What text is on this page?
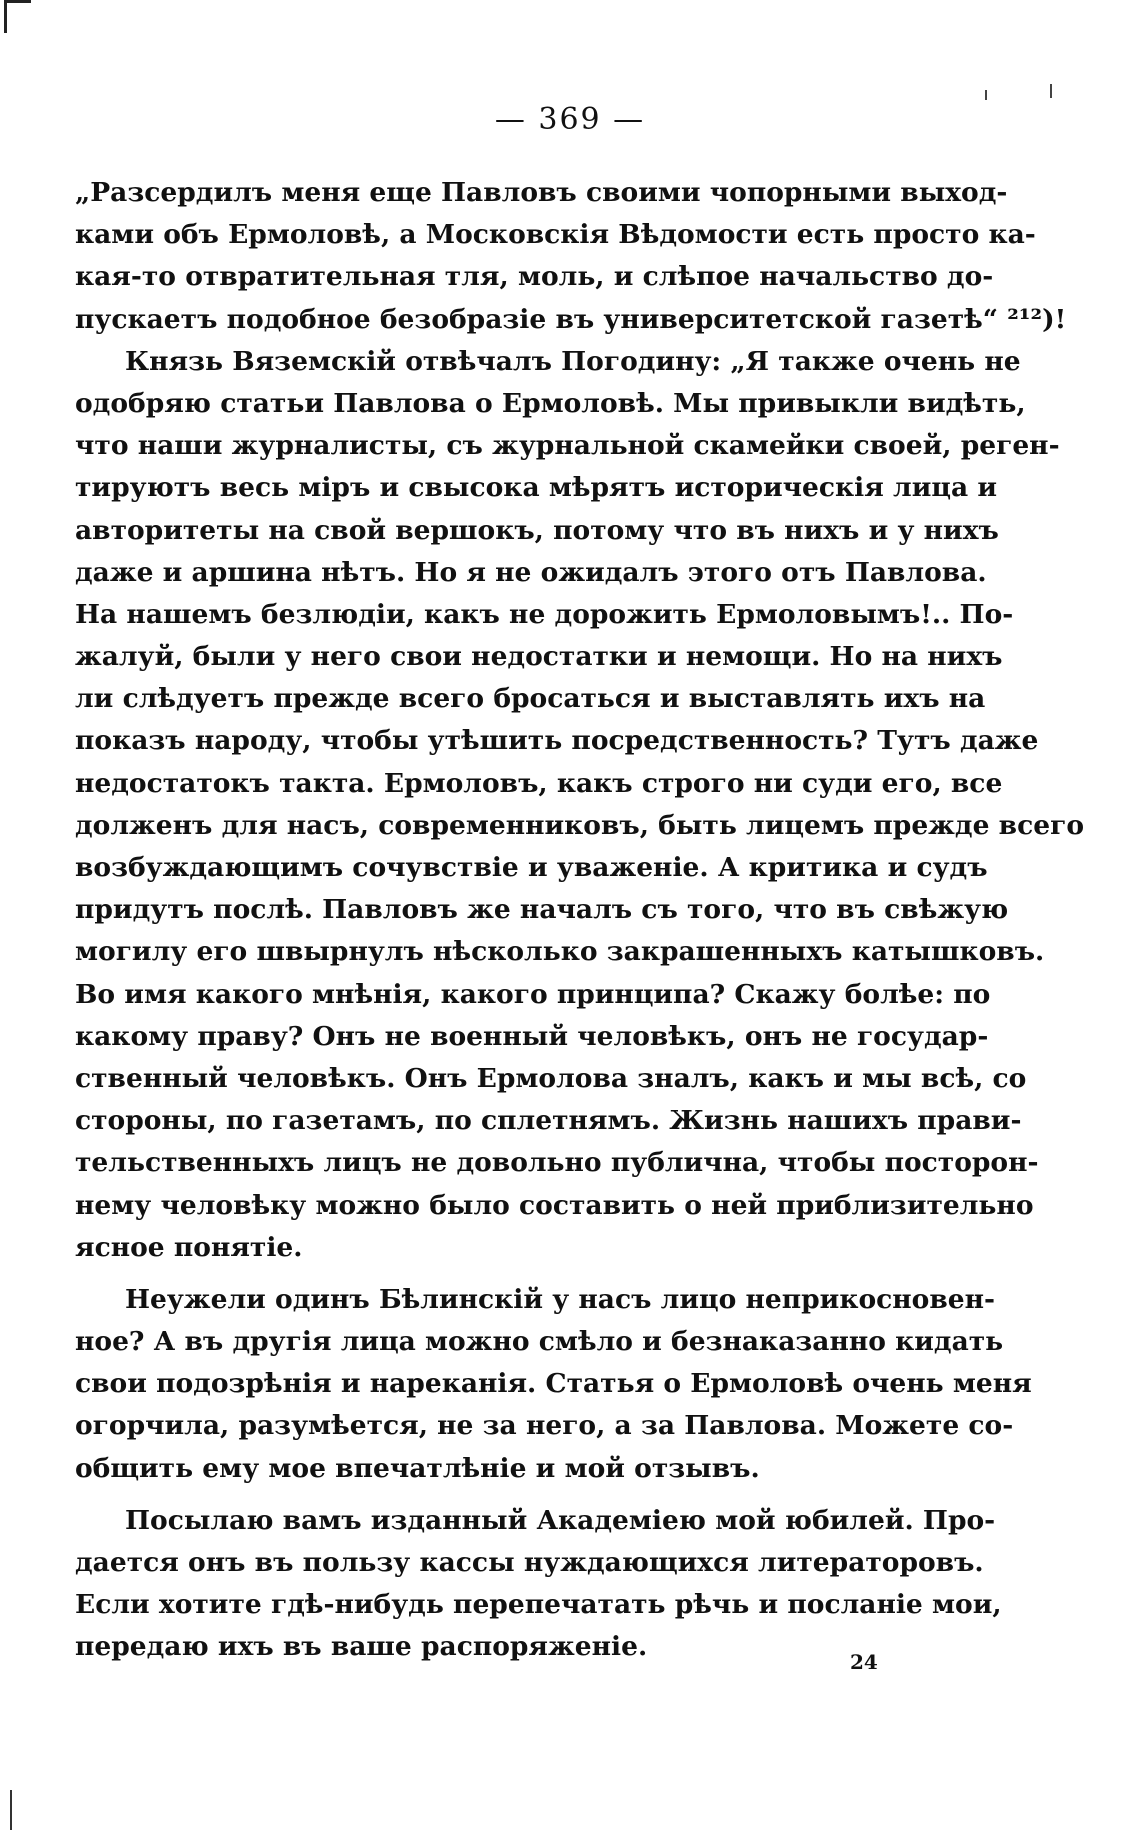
— 369 —
„Разсердилъ меня еще Павловъ своими чопорными выход-
ками объ Ермоловѣ, а Московскія Вѣдомости есть просто ка-
кая-то отвратительная тля, моль, и слѣпое начальство до-
пускаетъ подобное безобразіе въ университетской газетѣ“ ²¹²)!
Князь Вяземскій отвѣчалъ Погодину: „Я также очень не
одобряю статьи Павлова о Ермоловѣ. Мы привыкли видѣть,
что наши журналисты, съ журнальной скамейки своей, реген-
тируютъ весь міръ и свысока мѣрятъ историческія лица и
авторитеты на свой вершокъ, потому что въ нихъ и у нихъ
даже и аршина нѣтъ. Но я не ожидалъ этого отъ Павлова.
На нашемъ безлюдіи, какъ не дорожить Ермоловымъ!.. По-
жалуй, были у него свои недостатки и немощи. Но на нихъ
ли слѣдуетъ прежде всего бросаться и выставлять ихъ на
показъ народу, чтобы утѣшить посредственность? Тутъ даже
недостатокъ такта. Ермоловъ, какъ строго ни суди его, все
долженъ для насъ, современниковъ, быть лицемъ прежде всего
возбуждающимъ сочувствіе и уваженіе. А критика и судъ
придутъ послѣ. Павловъ же началъ съ того, что въ свѣжую
могилу его швырнулъ нѣсколько закрашенныхъ катышковъ.
Во имя какого мнѣнія, какого принципа? Скажу болѣе: по
какому праву? Онъ не военный человѣкъ, онъ не государ-
ственный человѣкъ. Онъ Ермолова зналъ, какъ и мы всѣ, со
стороны, по газетамъ, по сплетнямъ. Жизнь нашихъ прави-
тельственныхъ лицъ не довольно публична, чтобы посторон-
нему человѣку можно было составить о ней приблизительно
ясное понятіе.
Неужели одинъ Бѣлинскій у насъ лицо неприкосновен-
ное? А въ другія лица можно смѣло и безнаказанно кидать
свои подозрѣнія и нареканія. Статья о Ермоловѣ очень меня
огорчила, разумѣется, не за него, а за Павлова. Можете со-
общить ему мое впечатлѣніе и мой отзывъ.
Посылаю вамъ изданный Академіею мой юбилей. Про-
дается онъ въ пользу кассы нуждающихся литераторовъ.
Если хотите гдѣ-нибудь перепечатать рѣчь и посланіе мои,
передаю ихъ въ ваше распоряженіе.	24
